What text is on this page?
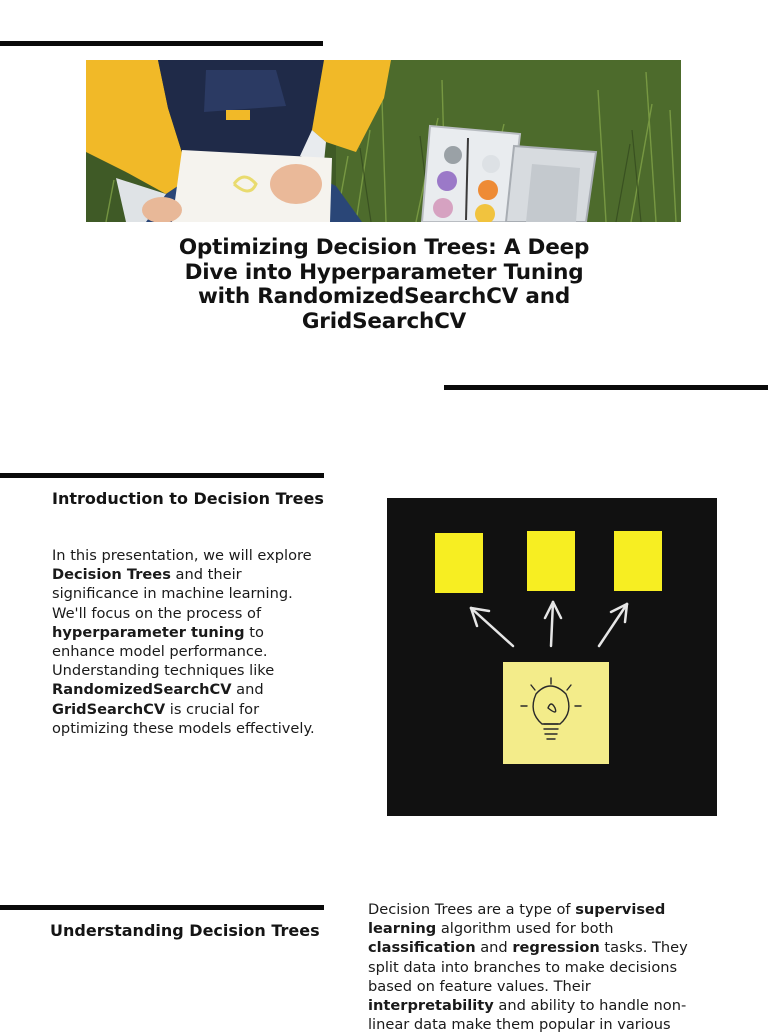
Optimizing Decision Trees: A Deep
Dive into Hyperparameter Tuning
with RandomizedSearchCV and
GridSearchCV
Introduction to Decision Trees

In this presentation, we will explore Decision Trees and their significance in machine learning. We'll focus on the process of hyperparameter tuning to enhance model performance. Understanding techniques like RandomizedSearchCV and GridSearchCV is crucial for optimizing these models effectively.

Understanding Decision Trees

Decision Trees are a type of supervised learning algorithm used for both classification and regression tasks. They split data into branches to make decisions based on feature values. Their interpretability and ability to handle non-linear data make them popular in various
